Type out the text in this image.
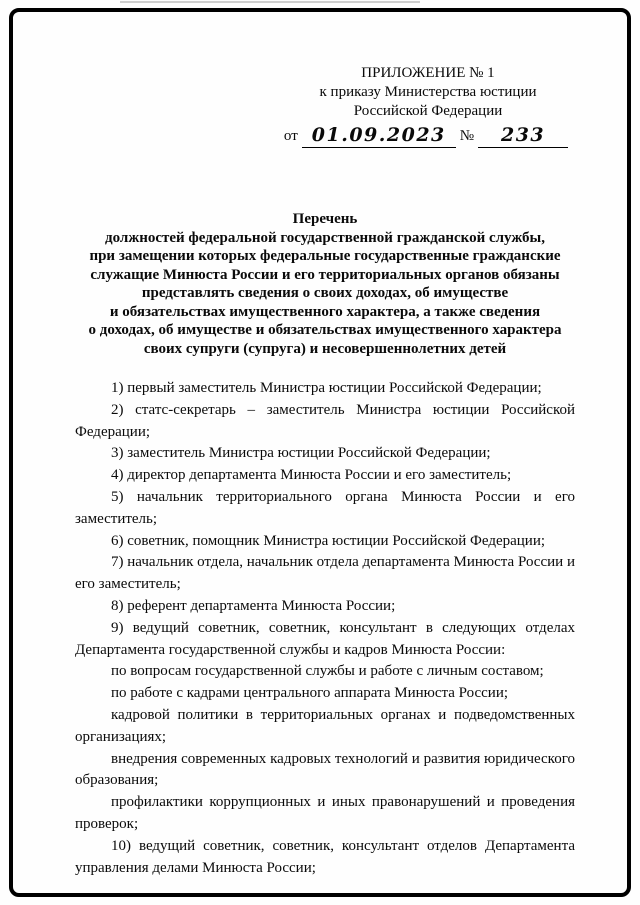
ПРИЛОЖЕНИЕ № 1
к приказу Министерства юстиции
Российской Федерации
от 01.09.2023 № 233
Перечень
должностей федеральной государственной гражданской службы,
при замещении которых федеральные государственные гражданские
служащие Минюста России и его территориальных органов обязаны
представлять сведения о своих доходах, об имуществе
и обязательствах имущественного характера, а также сведения
о доходах, об имуществе и обязательствах имущественного характера
своих супруги (супруга) и несовершеннолетних детей

1) первый заместитель Министра юстиции Российской Федерации;

2) статс-секретарь – заместитель Министра юстиции Российской Федерации;

3) заместитель Министра юстиции Российской Федерации;

4) директор департамента Минюста России и его заместитель;

5) начальник территориального органа Минюста России и его заместитель;

6) советник, помощник Министра юстиции Российской Федерации;

7) начальник отдела, начальник отдела департамента Минюста России и его заместитель;

8) референт департамента Минюста России;

9) ведущий советник, советник, консультант в следующих отделах Департамента государственной службы и кадров Минюста России:

по вопросам государственной службы и работе с личным составом;

по работе с кадрами центрального аппарата Минюста России;

кадровой политики в территориальных органах и подведомственных организациях;

внедрения современных кадровых технологий и развития юридического образования;

профилактики коррупционных и иных правонарушений и проведения проверок;

10) ведущий советник, советник, консультант отделов Департамента управления делами Минюста России;
